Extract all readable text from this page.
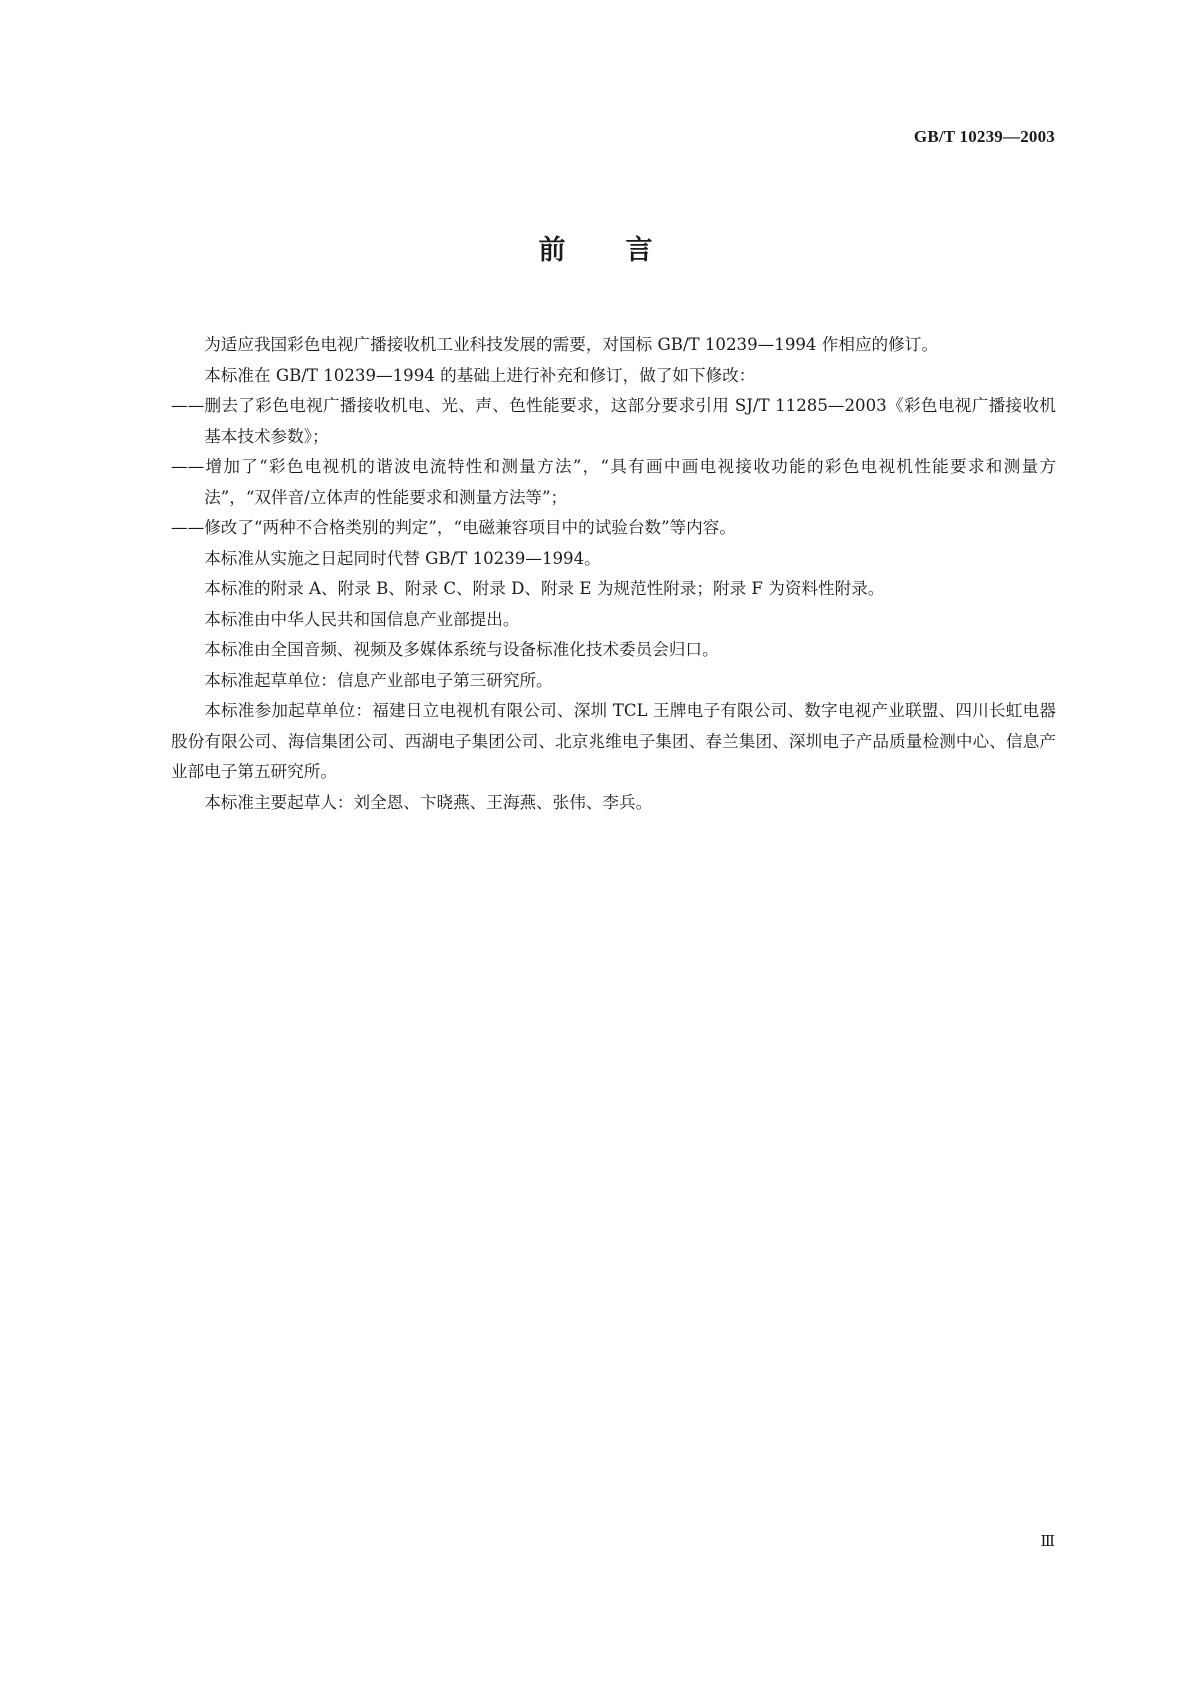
GB/T 10239—2003
前言

为适应我国彩色电视广播接收机工业科技发展的需要，对国标 GB/T 10239—1994 作相应的修订。

本标准在 GB/T 10239—1994 的基础上进行补充和修订，做了如下修改：

——删去了彩色电视广播接收机电、光、声、色性能要求，这部分要求引用 SJ/T 11285—2003《彩色电视广播接收机基本技术参数》；

——增加了“彩色电视机的谐波电流特性和测量方法”，“具有画中画电视接收功能的彩色电视机性能要求和测量方法”，“双伴音/立体声的性能要求和测量方法等”；

——修改了“两种不合格类别的判定”，“电磁兼容项目中的试验台数”等内容。

本标准从实施之日起同时代替 GB/T 10239—1994。

本标准的附录 A、附录 B、附录 C、附录 D、附录 E 为规范性附录；附录 F 为资料性附录。

本标准由中华人民共和国信息产业部提出。

本标准由全国音频、视频及多媒体系统与设备标准化技术委员会归口。

本标准起草单位：信息产业部电子第三研究所。

本标准参加起草单位：福建日立电视机有限公司、深圳 TCL 王牌电子有限公司、数字电视产业联盟、四川长虹电器股份有限公司、海信集团公司、西湖电子集团公司、北京兆维电子集团、春兰集团、深圳电子产品质量检测中心、信息产业部电子第五研究所。

本标准主要起草人：刘全恩、卞晓燕、王海燕、张伟、李兵。

Ⅲ
